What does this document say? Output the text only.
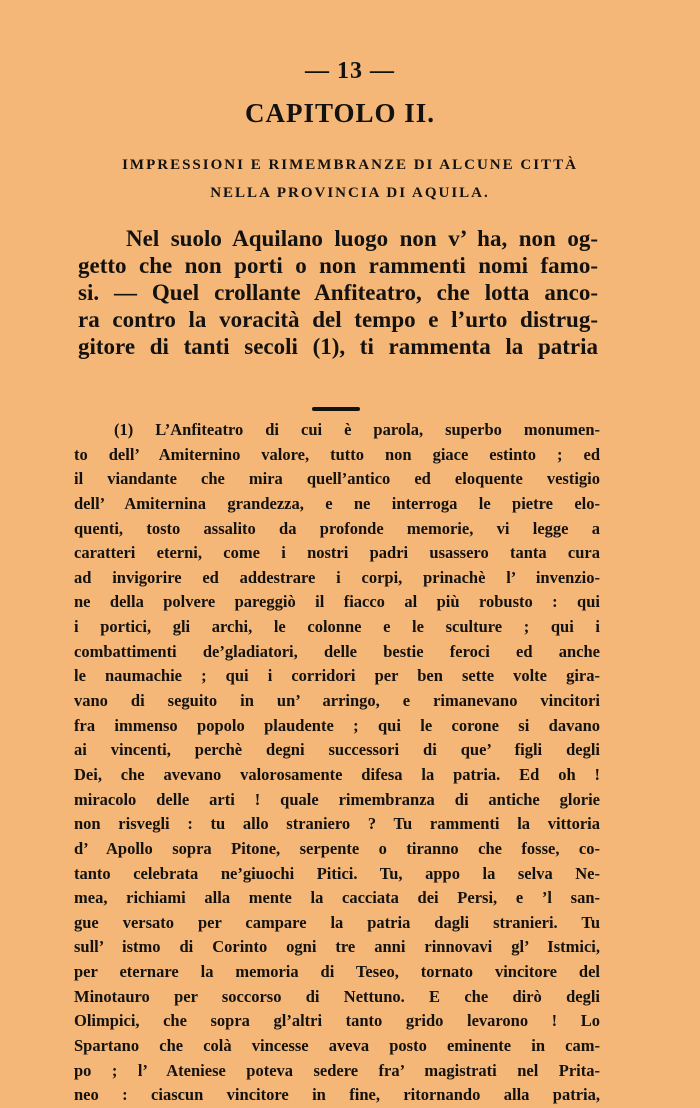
— 13 —
CAPITOLO II.
IMPRESSIONI E RIMEMBRANZE DI ALCUNE CITTÀ
NELLA PROVINCIA DI AQUILA.
Nel suolo Aquilano luogo non v’ ha, non og-
getto che non porti o non rammenti nomi famo-
si. — Quel crollante Anfiteatro, che lotta anco-
ra contro la voracità del tempo e l’urto distrug-
gitore di tanti secoli (1), ti rammenta la patria
(1) L’Anfiteatro di cui è parola, superbo monumen-
to dell’ Amiternino valore, tutto non giace estinto ; ed
il viandante che mira quell’antico ed eloquente vestigio
dell’ Amiternina grandezza, e ne interroga le pietre elo-
quenti, tosto assalito da profonde memorie, vi legge a
caratteri eterni, come i nostri padri usassero tanta cura
ad invigorire ed addestrare i corpi, prinachè l’ invenzio-
ne della polvere pareggiò il fiacco al più robusto : qui
i portici, gli archi, le colonne e le sculture ; qui i
combattimenti de’gladiatori, delle bestie feroci ed anche
le naumachie ; qui i corridori per ben sette volte gira-
vano di seguito in un’ arringo, e rimanevano vincitori
fra immenso popolo plaudente ; qui le corone si davano
ai vincenti, perchè degni successori di que’ figli degli
Dei, che avevano valorosamente difesa la patria. Ed oh !
miracolo delle arti ! quale rimembranza di antiche glorie
non risvegli : tu allo straniero ? Tu rammenti la vittoria
d’ Apollo sopra Pitone, serpente o tiranno che fosse, co-
tanto celebrata ne’giuochi Pitici. Tu, appo la selva Ne-
mea, richiami alla mente la cacciata dei Persi, e ’l san-
gue versato per campare la patria dagli stranieri. Tu
sull’ istmo di Corinto ogni tre anni rinnovavi gl’ Istmici,
per eternare la memoria di Teseo, tornato vincitore del
Minotauro per soccorso di Nettuno. E che dirò degli
Olimpici, che sopra gl’altri tanto grido levarono ! Lo
Spartano che colà vincesse aveva posto eminente in cam-
po ; l’ Ateniese poteva sedere fra’ magistrati nel Prita-
neo : ciascun vincitore in fine, ritornando alla patria,
